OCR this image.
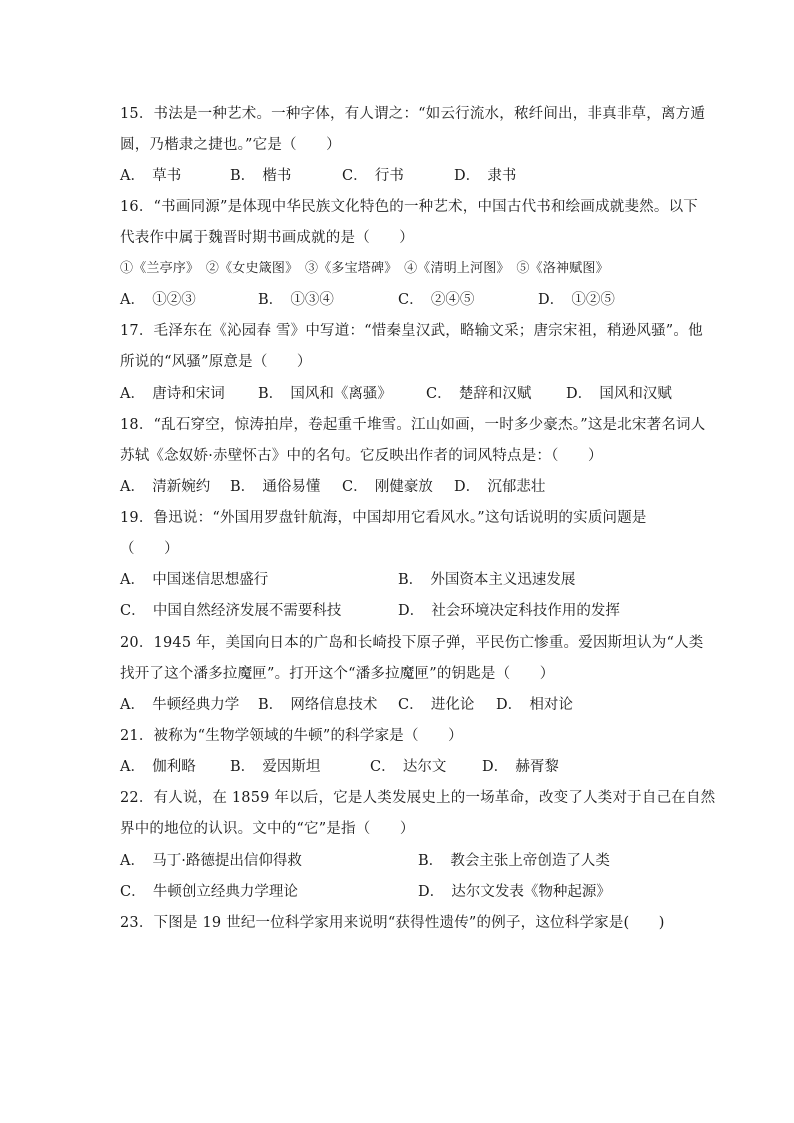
15．书法是一种艺术。一种字体，有人谓之：“如云行流水，秾纤间出，非真非草，离方遁
圆，乃楷隶之捷也。”它是（　　）
A．　草书	B．　楷书	C．　行书	D．　隶书
16．“书画同源”是体现中华民族文化特色的一种艺术，中国古代书和绘画成就斐然。以下
代表作中属于魏晋时期书画成就的是（　　）
①《兰亭序》　②《女史箴图》　③《多宝塔碑》　④《清明上河图》　⑤《洛神赋图》
A．　①②③	B．　①③④	C．　②④⑤	D．　①②⑤
17．毛泽东在《沁园春 雪》中写道：“惜秦皇汉武，略输文采；唐宗宋祖，稍逊风骚”。他
所说的“风骚”原意是（　　）
A．　唐诗和宋词 B．　国风和《离骚》 C．　楚辞和汉赋 D．　国风和汉赋
18．“乱石穿空，惊涛拍岸，卷起重千堆雪。江山如画，一时多少豪杰。”这是北宋著名词人
苏轼《念奴娇·赤壁怀古》中的名句。它反映出作者的词风特点是：（　　）
A．　清新婉约 B．　通俗易懂 C．　刚健豪放 D．　沉郁悲壮
19．鲁迅说：“外国用罗盘针航海，中国却用它看风水。”这句话说明的实质问题是
（　　）
A．　中国迷信思想盛行	B．　外国资本主义迅速发展
C．　中国自然经济发展不需要科技	D．　社会环境决定科技作用的发挥
20．1945 年，美国向日本的广岛和长崎投下原子弹，平民伤亡惨重。爱因斯坦认为“人类
找开了这个潘多拉魔匣”。打开这个“潘多拉魔匣”的钥匙是（　　）
A．　牛顿经典力学 B．　网络信息技术 C．　进化论 D．　相对论
21．被称为“生物学领域的牛顿”的科学家是（　　）
A．　伽利略 B．　爱因斯坦	C．　达尔文 D．　赫胥黎
22．有人说，在 1859 年以后，它是人类发展史上的一场革命，改变了人类对于自己在自然
界中的地位的认识。文中的“它”是指（　　）
A．　马丁·路德提出信仰得救	B．　教会主张上帝创造了人类
C．　牛顿创立经典力学理论	D．　达尔文发表《物种起源》
23．下图是 19 世纪一位科学家用来说明“获得性遗传”的例子，这位科学家是(　　)
